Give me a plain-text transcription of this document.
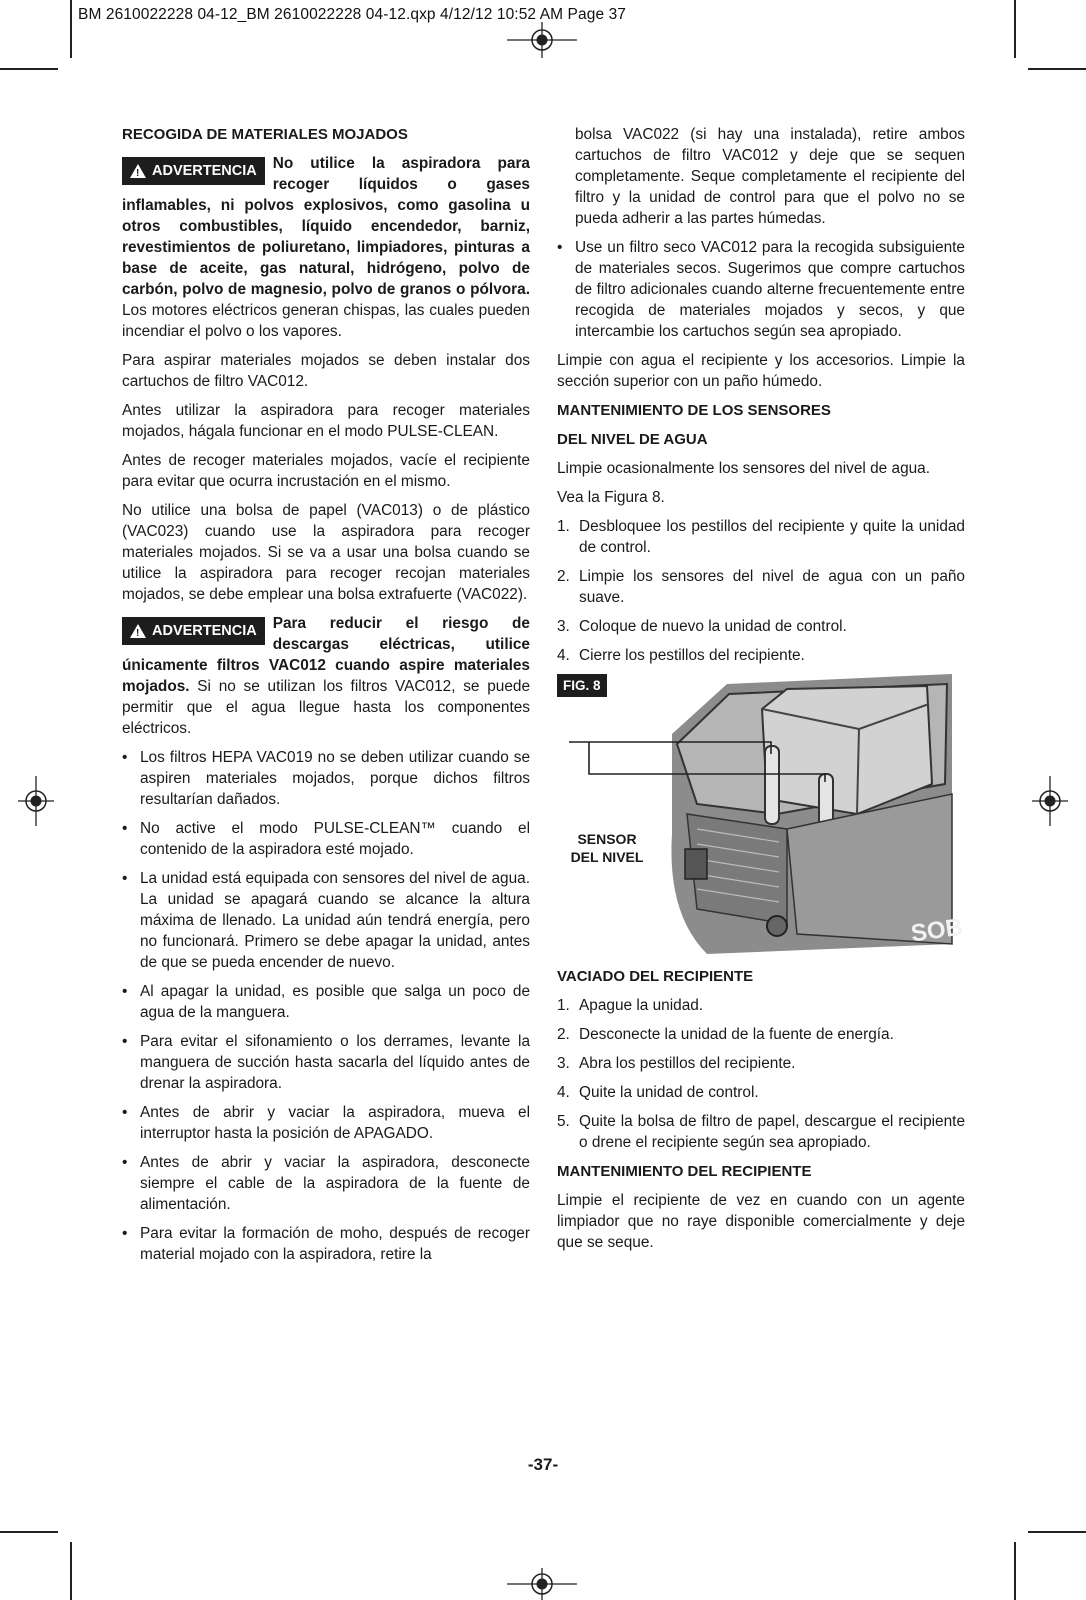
BM 2610022228 04-12_BM 2610022228 04-12.qxp 4/12/12 10:52 AM Page 37

RECOGIDA DE MATERIALES MOJADOS

!
ADVERTENCIA No utilice la aspiradora para recoger líquidos o gases inflamables, ni polvos explosivos, como gasolina u otros combustibles, líquido encendedor, barniz, revestimientos de poliuretano, limpiadores, pinturas a base de aceite, gas natural, hidrógeno, polvo de carbón, polvo de magnesio, polvo de granos o pólvora. Los motores eléctricos generan chispas, las cuales pueden incendiar el polvo o los vapores.

Para aspirar materiales mojados se deben instalar dos cartuchos de filtro VAC012.

Antes utilizar la aspiradora para recoger materiales mojados, hágala funcionar en el modo PULSE-CLEAN.

Antes de recoger materiales mojados, vacíe el recipiente para evitar que ocurra incrustación en el mismo.

No utilice una bolsa de papel (VAC013) o de plástico (VAC023) cuando use la aspiradora para recoger materiales mojados. Si se va a usar una bolsa cuando se utilice la aspiradora para recoger recojan materiales mojados, se debe emplear una bolsa extrafuerte (VAC022).

!
ADVERTENCIA Para reducir el riesgo de descargas eléctricas, utilice únicamente filtros VAC012 cuando aspire materiales mojados. Si no se utilizan los filtros VAC012, se puede permitir que el agua llegue hasta los componentes eléctricos.

• Los filtros HEPA VAC019 no se deben utilizar cuando se aspiren materiales mojados, porque dichos filtros resultarían dañados.
• No active el modo PULSE-CLEAN™ cuando el contenido de la aspiradora esté mojado.
• La unidad está equipada con sensores del nivel de agua. La unidad se apagará cuando se alcance la altura máxima de llenado. La unidad aún tendrá energía, pero no funcionará. Primero se debe apagar la unidad, antes de que se pueda encender de nuevo.
• Al apagar la unidad, es posible que salga un poco de agua de la manguera.
• Para evitar el sifonamiento o los derrames, levante la manguera de succión hasta sacarla del líquido antes de drenar la aspiradora.
• Antes de abrir y vaciar la aspiradora, mueva el interruptor hasta la posición de APAGADO.
• Antes de abrir y vaciar la aspiradora, desconecte siempre el cable de la aspiradora de la fuente de alimentación.
• Para evitar la formación de moho, después de recoger material mojado con la aspiradora, retire la

bolsa VAC022 (si hay una instalada), retire ambos cartuchos de filtro VAC012 y deje que se sequen completamente. Seque completamente el recipiente del filtro y la unidad de control para que el polvo no se pueda adherir a las partes húmedas.

• Use un filtro seco VAC012 para la recogida subsiguiente de materiales secos. Sugerimos que compre cartuchos de filtro adicionales cuando alterne frecuentemente entre recogida de materiales mojados y secos, y que intercambie los cartuchos según sea apropiado.

Limpie con agua el recipiente y los accesorios. Limpie la sección superior con un paño húmedo.

MANTENIMIENTO DE LOS SENSORES

DEL NIVEL DE AGUA

Limpie ocasionalmente los sensores del nivel de agua.

Vea la Figura 8.

1. Desbloquee los pestillos del recipiente y quite la unidad de control.
2. Limpie los sensores del nivel de agua con un paño suave.
3. Coloque de nuevo la unidad de control.
4. Cierre los pestillos del recipiente.
FIG. 8
SENSOR
DEL NIVEL
SOB

VACIADO DEL RECIPIENTE

1. Apague la unidad.
2. Desconecte la unidad de la fuente de energía.
3. Abra los pestillos del recipiente.
4. Quite la unidad de control.
5. Quite la bolsa de filtro de papel, descargue el recipiente o drene el recipiente según sea apropiado.

MANTENIMIENTO DEL RECIPIENTE

Limpie el recipiente de vez en cuando con un agente limpiador que no raye disponible comercialmente y deje que se seque.

-37-
